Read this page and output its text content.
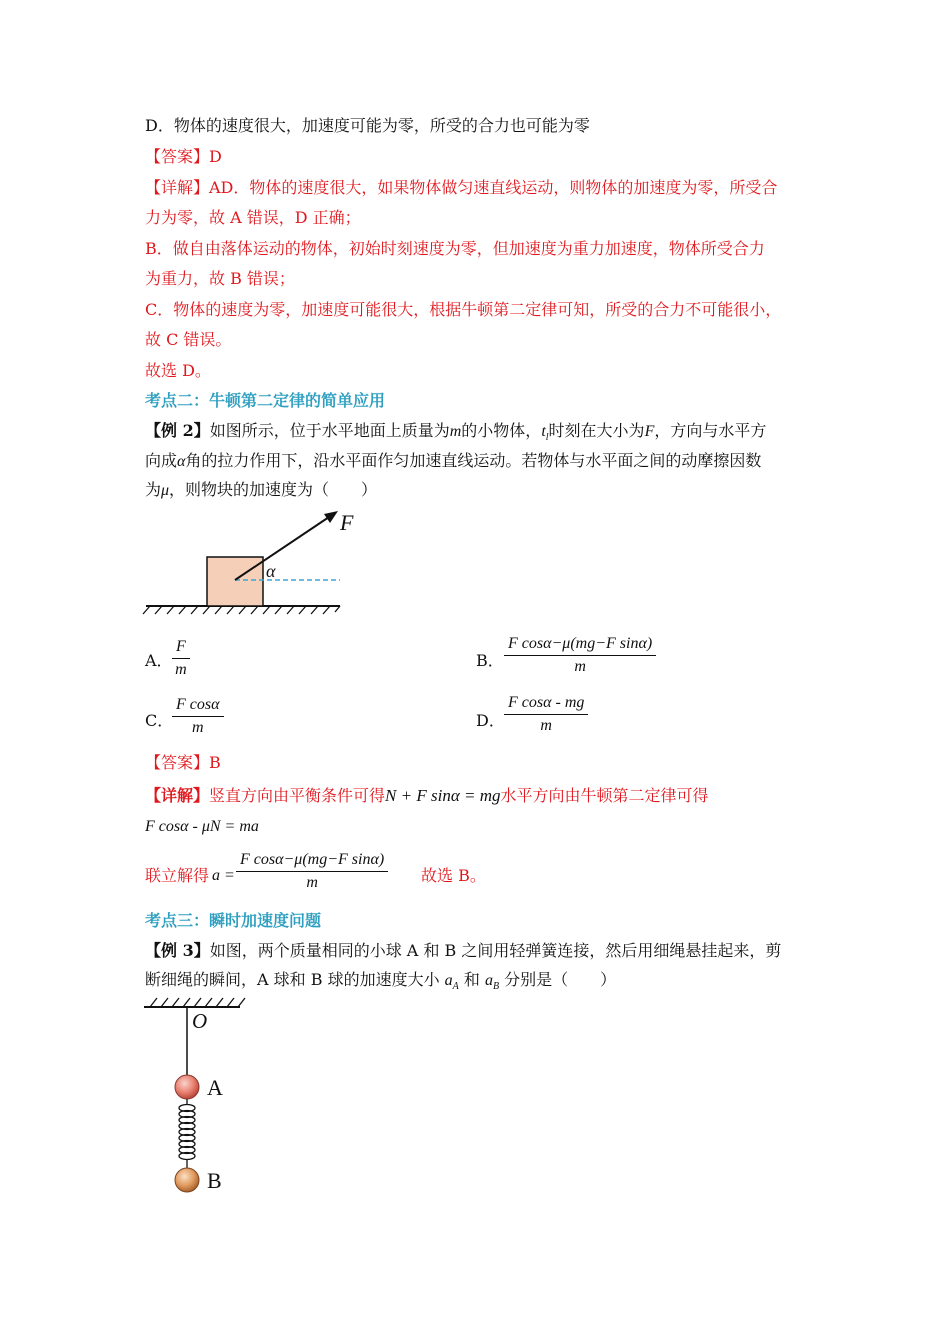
D．物体的速度很大，加速度可能为零，所受的合力也可能为零
【答案】D
【详解】AD．物体的速度很大，如果物体做匀速直线运动，则物体的加速度为零，所受合
力为零，故 A 错误，D 正确；
B．做自由落体运动的物体，初始时刻速度为零，但加速度为重力加速度，物体所受合力
为重力，故 B 错误；
C．物体的速度为零，加速度可能很大，根据牛顿第二定律可知，所受的合力不可能很小，
故 C 错误。
故选 D。
考点二：牛顿第二定律的简单应用
【例 2】如图所示，位于水平地面上质量为m的小物体，$t_l$时刻在大小为F，方向与水平方
向成α角的拉力作用下，沿水平面作匀加速直线运动。若物体与水平面之间的动摩擦因数
为μ，则物块的加速度为（　　）
F
α
A． $\frac{F}{m}$	B． $\frac{\text{F cosα−μ(mg−F sinα)}}{m}$
C．
$\frac{\text{F cosα}}{m}$	D． $\frac{\text{F cosα - mg}}{m}$
【答案】B
【详解】竖直方向由平衡条件可得N + F sinα = mg水平方向由牛顿第二定律可得
F cosα - μN = ma
联立解得 $a = \frac{\text{F cosα−μ(mg−F sinα)}}{m}$ 故选 B。
考点三：瞬时加速度问题
【例 3】如图，两个质量相同的小球 A 和 B 之间用轻弹簧连接，然后用细绳悬挂起来，剪
断细绳的瞬间，A 球和 B 球的加速度大小 $a_A$ 和 $a_B$ 分别是（　　）
O
A
B
